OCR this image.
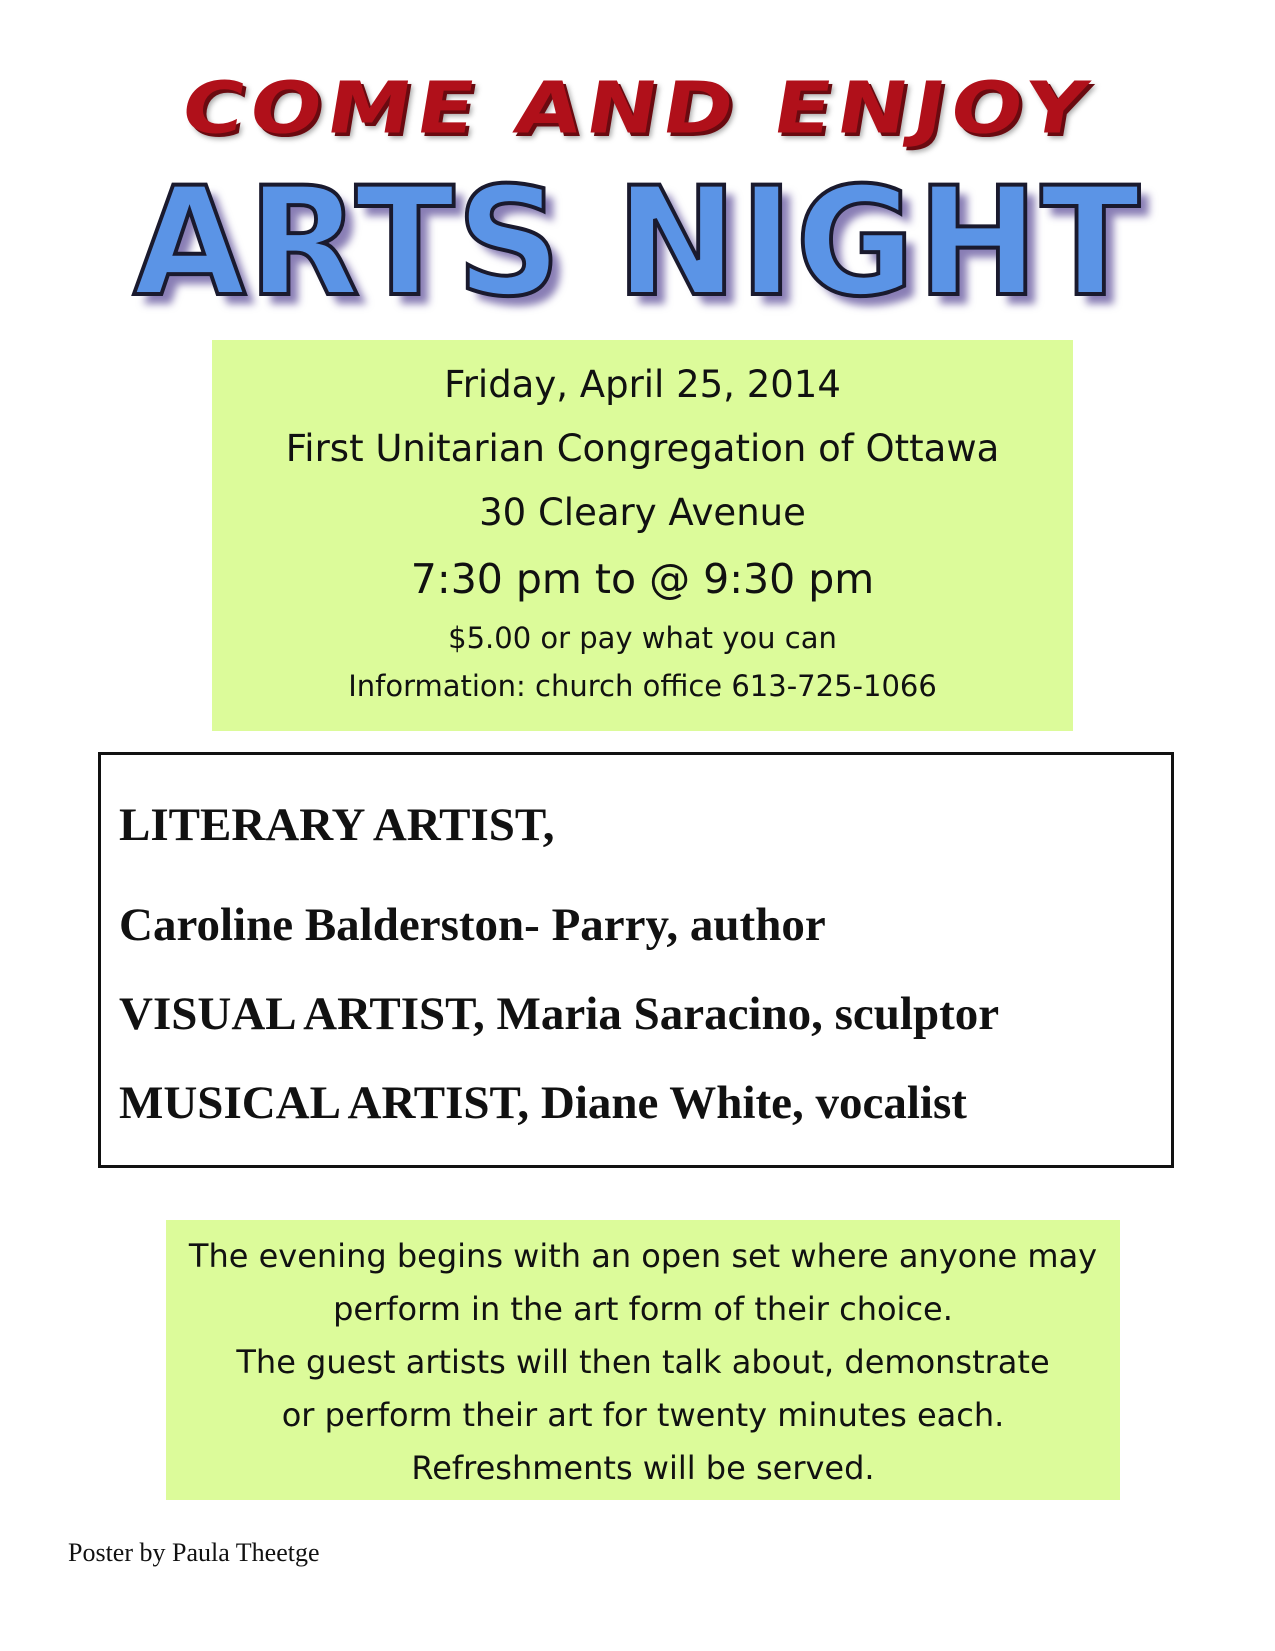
COME AND ENJOY
ARTS NIGHT
Friday, April 25, 2014
First Unitarian Congregation of Ottawa
30 Cleary Avenue
7:30 pm to @ 9:30 pm
$5.00 or pay what you can
Information: church office 613-725-1066
LITERARY ARTIST,
Caroline Balderston- Parry, author
VISUAL ARTIST, Maria Saracino, sculptor
MUSICAL ARTIST, Diane White, vocalist
The evening begins with an open set where anyone may
perform in the art form of their choice.
The guest artists will then talk about, demonstrate
or perform their art for twenty minutes each.
Refreshments will be served.
Poster by Paula Theetge
